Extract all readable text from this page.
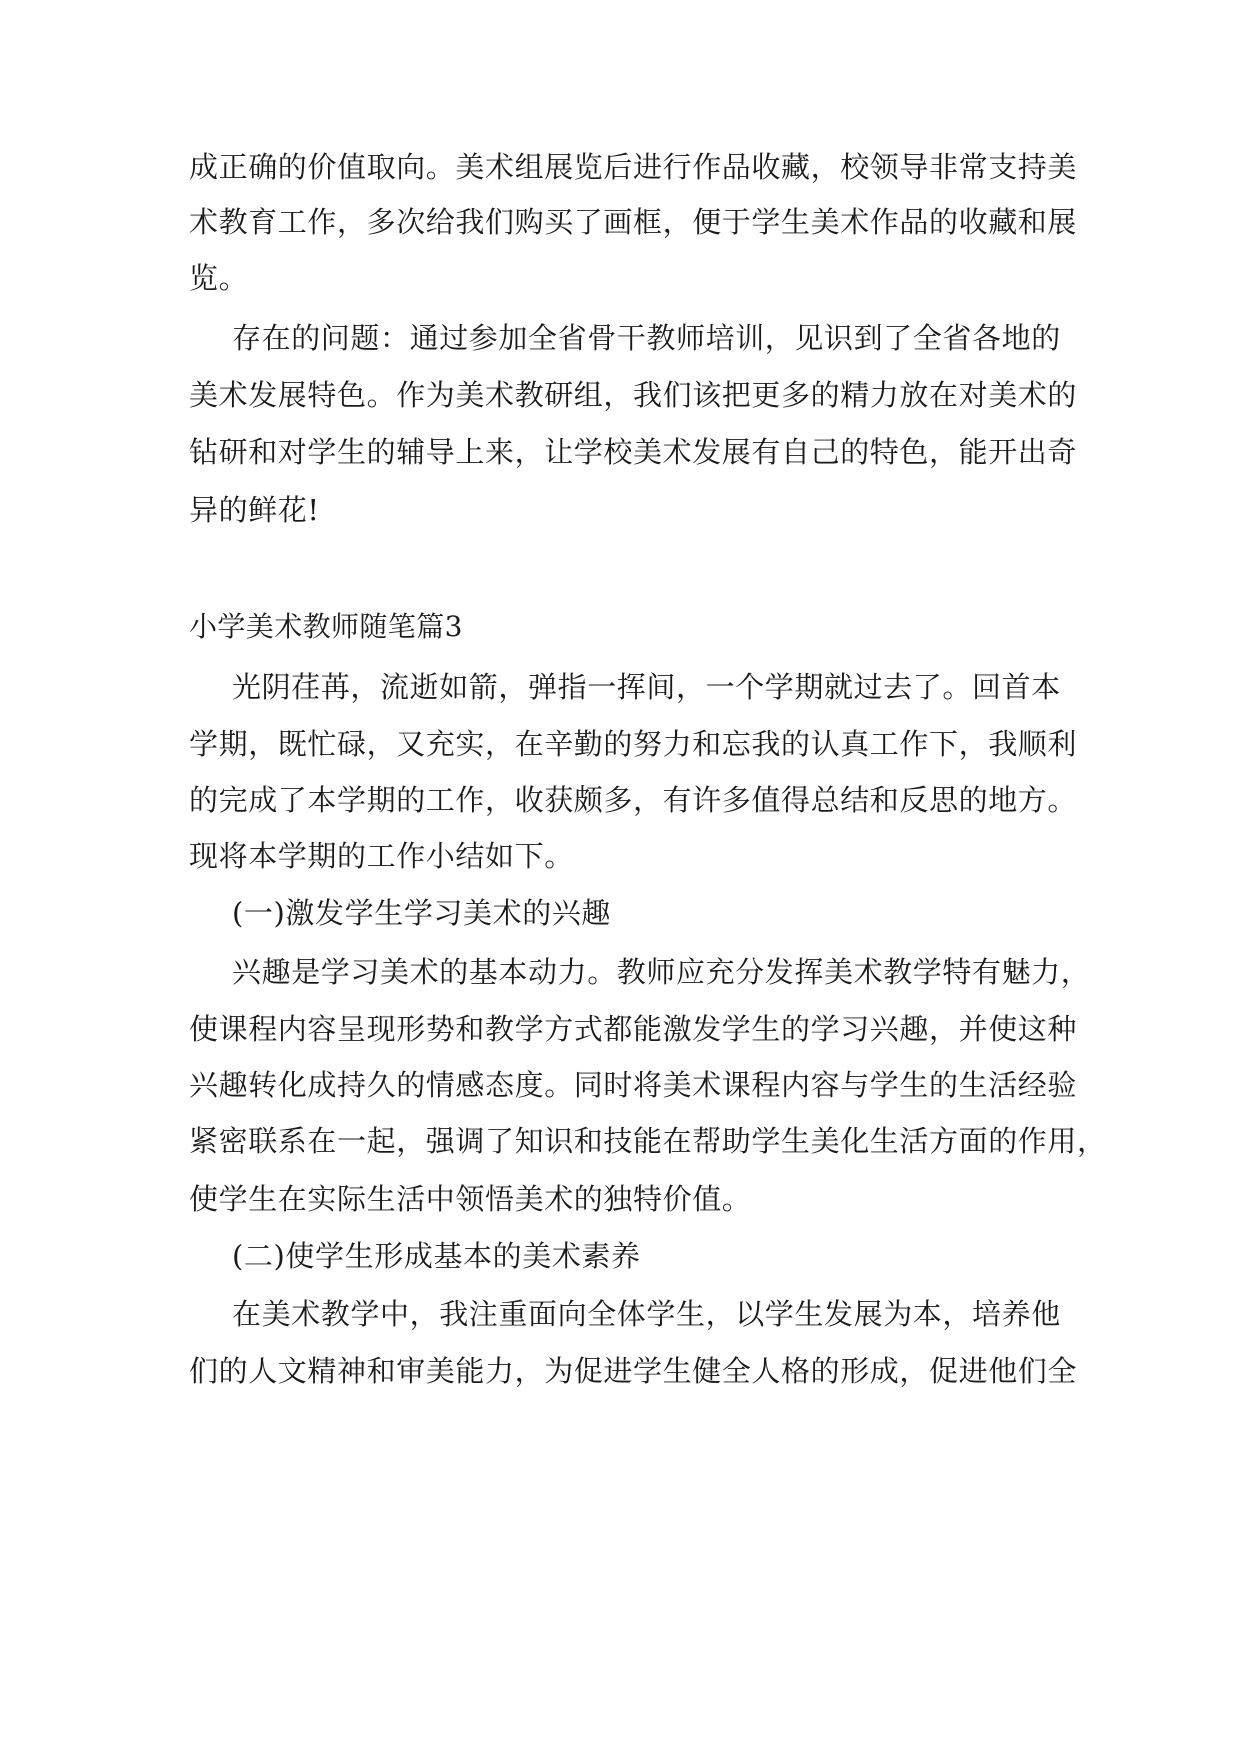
成正确的价值取向。美术组展览后进行作品收藏，校领导非常支持美
术教育工作，多次给我们购买了画框，便于学生美术作品的收藏和展
览。
存在的问题：通过参加全省骨干教师培训，见识到了全省各地的
美术发展特色。作为美术教研组，我们该把更多的精力放在对美术的
钻研和对学生的辅导上来，让学校美术发展有自己的特色，能开出奇
异的鲜花!
小学美术教师随笔篇3
光阴荏苒，流逝如箭，弹指一挥间，一个学期就过去了。回首本
学期，既忙碌，又充实，在辛勤的努力和忘我的认真工作下，我顺利
的完成了本学期的工作，收获颇多，有许多值得总结和反思的地方。
现将本学期的工作小结如下。
(一)激发学生学习美术的兴趣
兴趣是学习美术的基本动力。教师应充分发挥美术教学特有魅力，
使课程内容呈现形势和教学方式都能激发学生的学习兴趣，并使这种
兴趣转化成持久的情感态度。同时将美术课程内容与学生的生活经验
紧密联系在一起，强调了知识和技能在帮助学生美化生活方面的作用，
使学生在实际生活中领悟美术的独特价值。
(二)使学生形成基本的美术素养
在美术教学中，我注重面向全体学生，以学生发展为本，培养他
们的人文精神和审美能力，为促进学生健全人格的形成，促进他们全
